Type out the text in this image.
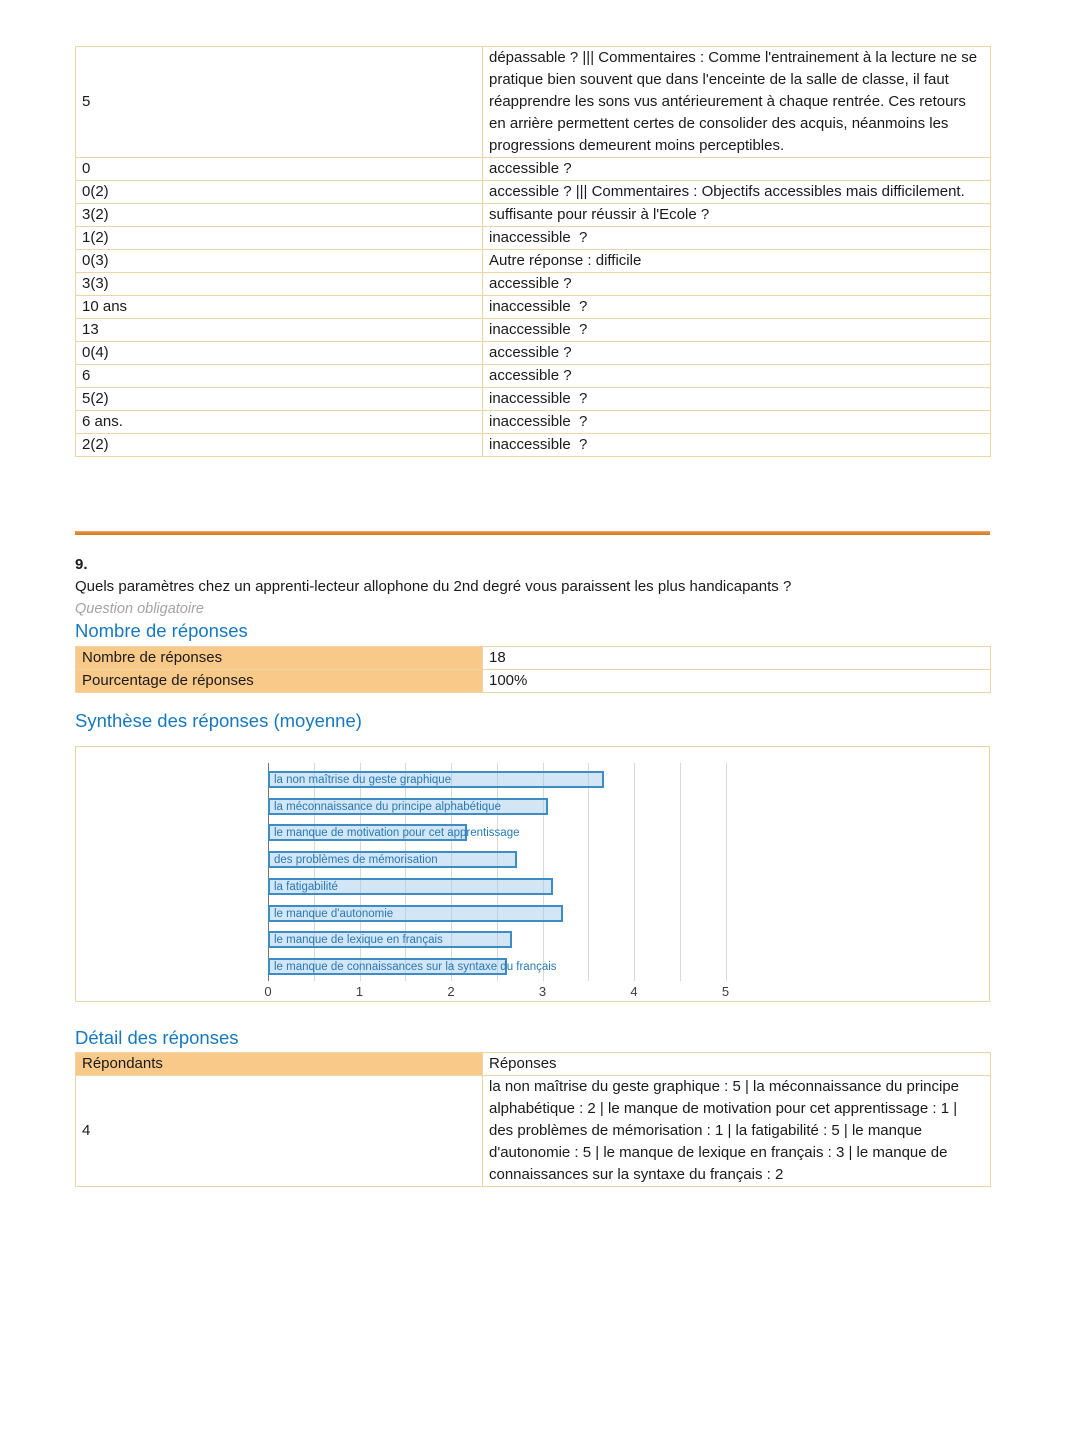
5	dépassable ? ||| Commentaires : Comme l'entrainement à la lecture ne se pratique bien souvent que dans l'enceinte de la salle de classe, il faut réapprendre les sons vus antérieurement à chaque rentrée. Ces retours en arrière permettent certes de consolider des acquis, néanmoins les progressions demeurent moins perceptibles.
0	accessible ?
0(2)	accessible ? ||| Commentaires : Objectifs accessibles mais difficilement.
3(2)	suffisante pour réussir à l'Ecole ?
1(2)	inaccessible  ?
0(3)	Autre réponse : difficile
3(3)	accessible ?
10 ans	inaccessible  ?
13	inaccessible  ?
0(4)	accessible ?
6	accessible ?
5(2)	inaccessible  ?
6 ans.	inaccessible  ?
2(2)	inaccessible  ?
9.
Quels paramètres chez un apprenti-lecteur allophone du 2nd degré vous paraissent les plus handicapants ?
Question obligatoire
Nombre de réponses
Nombre de réponses	18
Pourcentage de réponses	100%
Synthèse des réponses (moyenne)
la non maîtrise du geste graphique
la méconnaissance du principe alphabétique
le manque de motivation pour cet apprentissage
des problèmes de mémorisation
la fatigabilité
le manque d'autonomie
le manque de lexique en français
le manque de connaissances sur la syntaxe du français
0	1	2	3	4	5
Détail des réponses
Répondants	Réponses
4	la non maîtrise du geste graphique : 5 | la méconnaissance du principe alphabétique : 2 | le manque de motivation pour cet apprentissage : 1 | des problèmes de mémorisation : 1 | la fatigabilité : 5 | le manque d'autonomie : 5 | le manque de lexique en français : 3 | le manque de connaissances sur la syntaxe du français : 2
